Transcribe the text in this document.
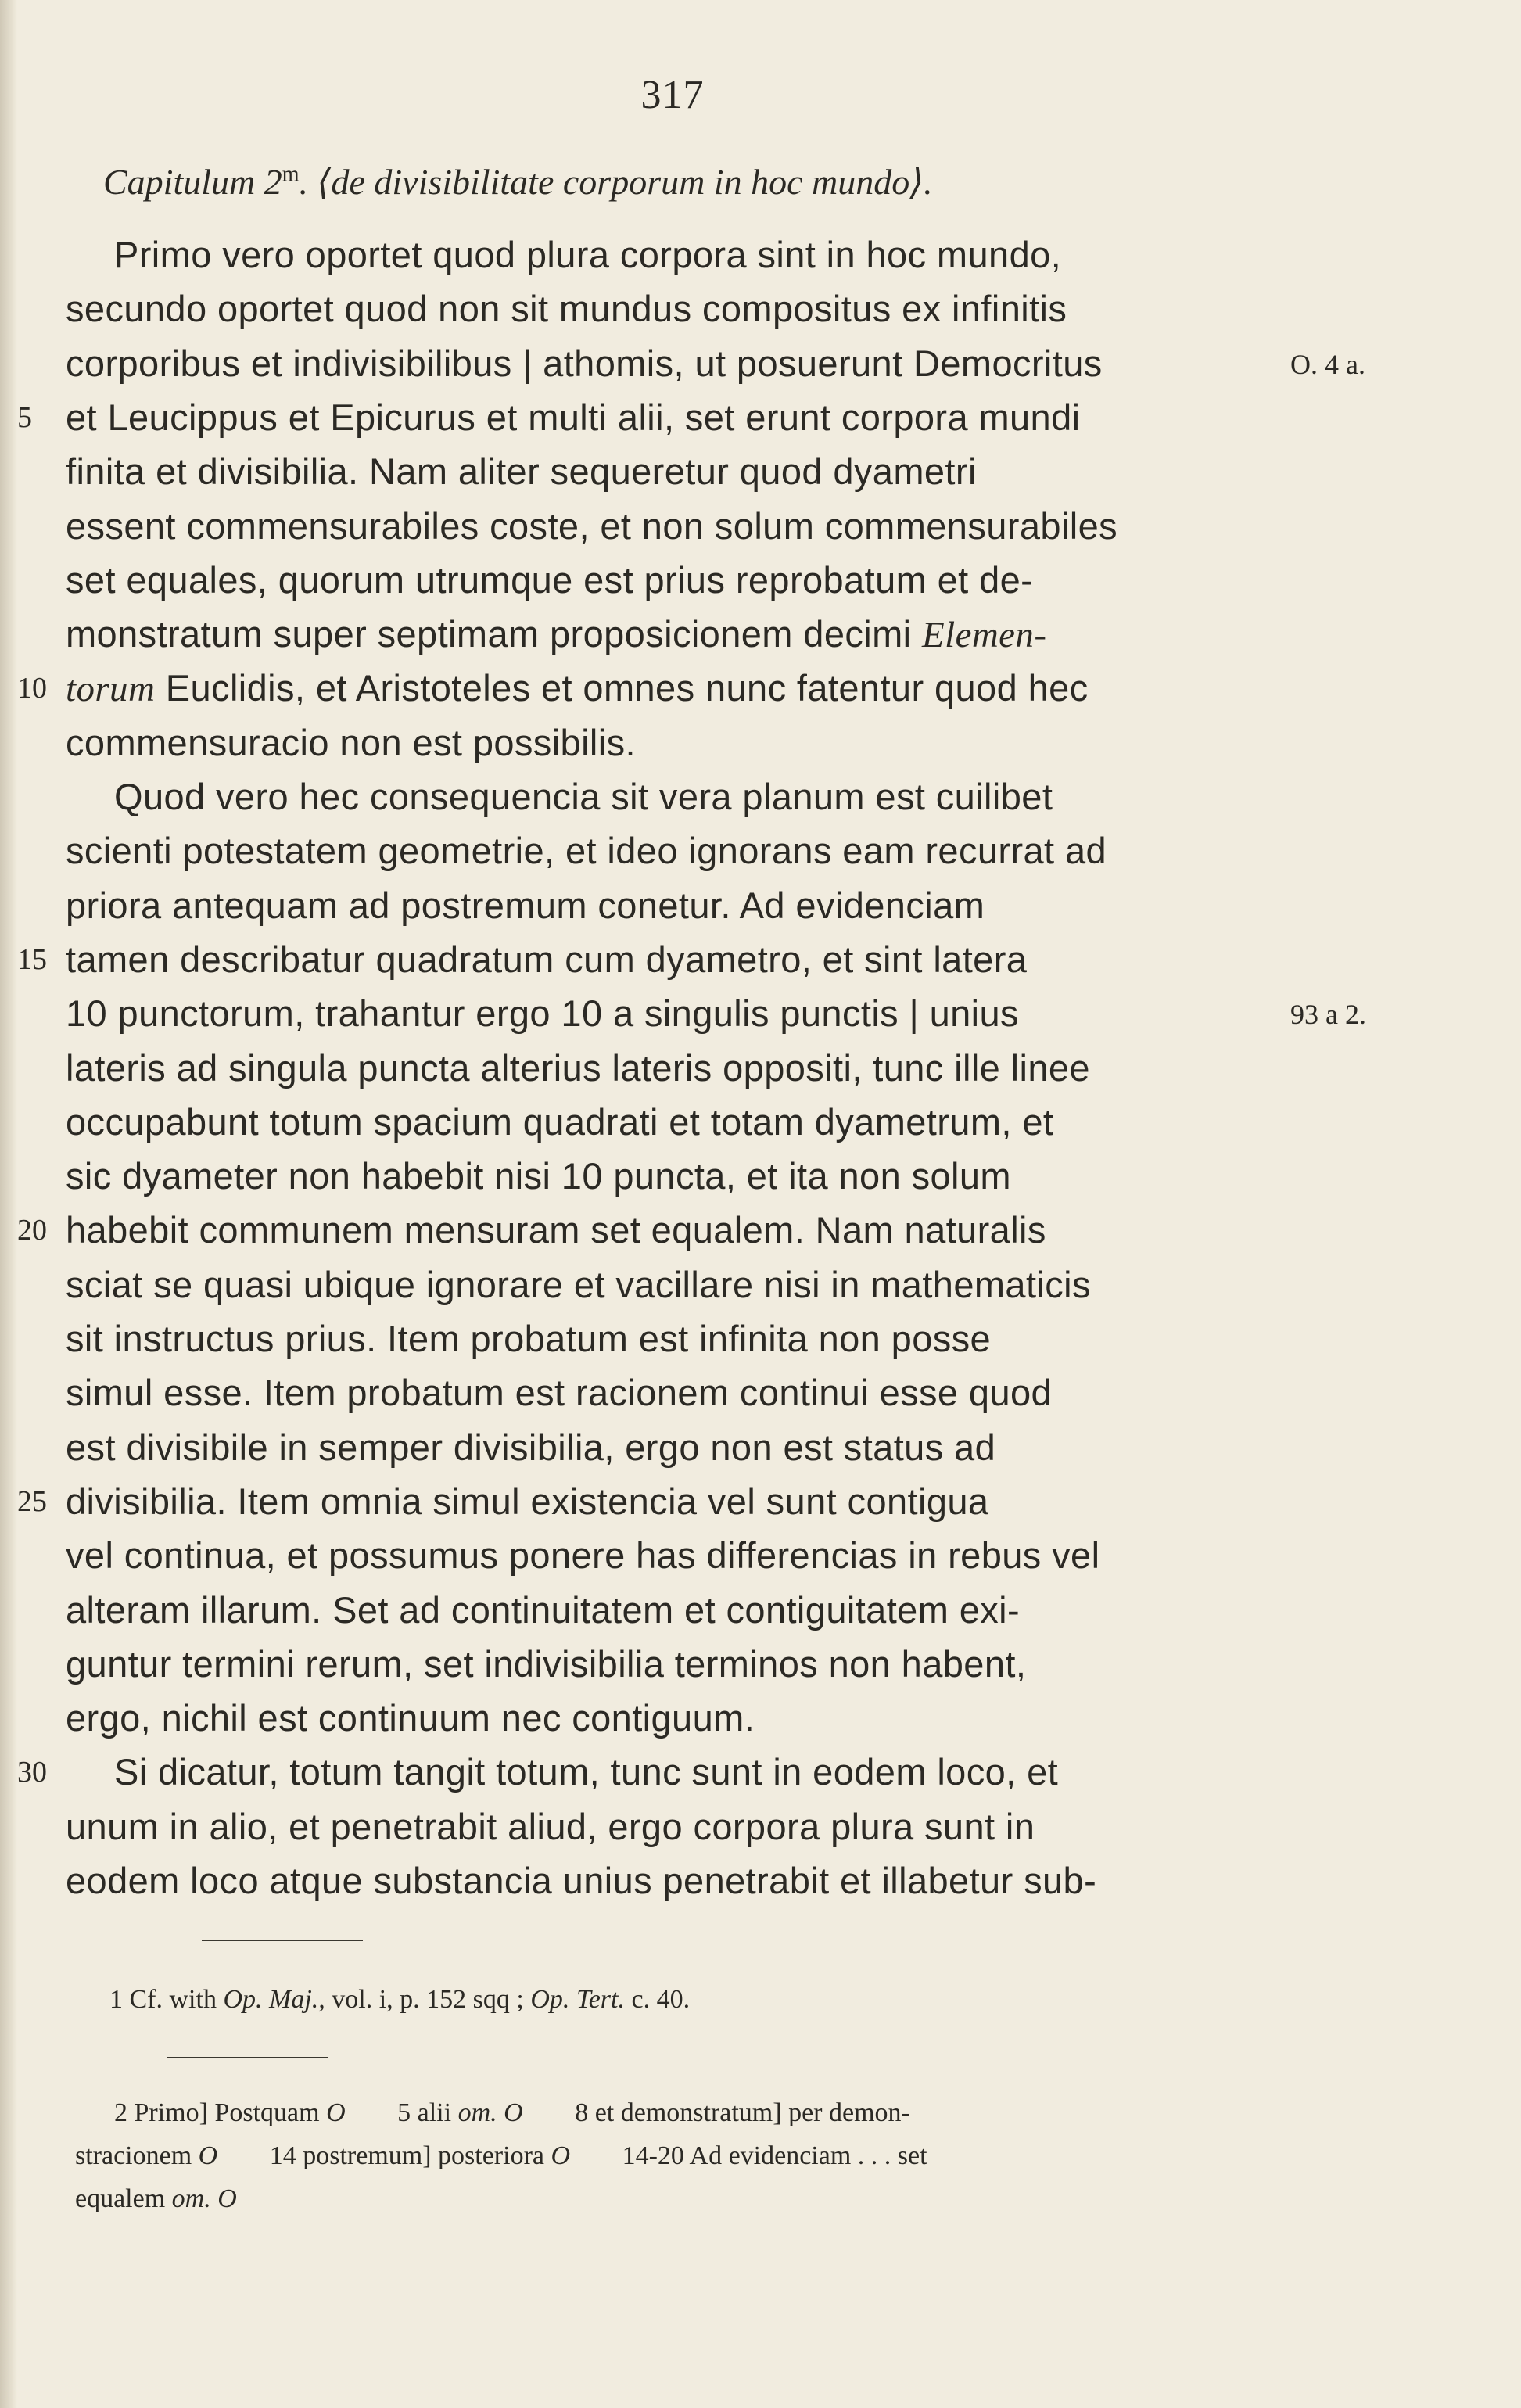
317
Capitulum 2$^m$. ⟨de divisibilitate corporum in hoc mundo⟩.
Primo vero oportet quod plura corpora sint in hoc mundo,
secundo oportet quod non sit mundus compositus ex infinitis
corporibus et indivisibilibus | athomis, ut posuerunt Democritus	O. 4 a.
et Leucippus et Epicurus et multi alii, set erunt corpora mundi
5
finita et divisibilia. Nam aliter sequeretur quod dyametri
essent commensurabiles coste, et non solum commensurabiles
set equales, quorum utrumque est prius reprobatum et de-
monstratum super septimam proposicionem decimi Elemen-
torum Euclidis, et Aristoteles et omnes nunc fatentur quod hec
10
commensuracio non est possibilis.
Quod vero hec consequencia sit vera planum est cuilibet
scienti potestatem geometrie, et ideo ignorans eam recurrat ad
priora antequam ad postremum conetur. Ad evidenciam
tamen describatur quadratum cum dyametro, et sint latera
15
10 punctorum, trahantur ergo 10 a singulis punctis | unius	93 a 2.
lateris ad singula puncta alterius lateris oppositi, tunc ille linee
occupabunt totum spacium quadrati et totam dyametrum, et
sic dyameter non habebit nisi 10 puncta, et ita non solum
habebit communem mensuram set equalem. Nam naturalis
20
sciat se quasi ubique ignorare et vacillare nisi in mathematicis
sit instructus prius. Item probatum est infinita non posse
simul esse. Item probatum est racionem continui esse quod
est divisibile in semper divisibilia, ergo non est status ad
divisibilia. Item omnia simul existencia vel sunt contigua
25
vel continua, et possumus ponere has differencias in rebus vel
alteram illarum. Set ad continuitatem et contiguitatem exi-
guntur termini rerum, set indivisibilia terminos non habent,
ergo, nichil est continuum nec contiguum.
Si dicatur, totum tangit totum, tunc sunt in eodem loco, et
30
unum in alio, et penetrabit aliud, ergo corpora plura sunt in
eodem loco atque substancia unius penetrabit et illabetur sub-
1 Cf. with Op. Maj., vol. i, p. 152 sqq ; Op. Tert. c. 40.
2 Primo] Postquam O 5 alii om. O 8 et demonstratum] per demon-
stracionem O 14 postremum] posteriora O 14-20 Ad evidenciam . . . set
equalem om. O
